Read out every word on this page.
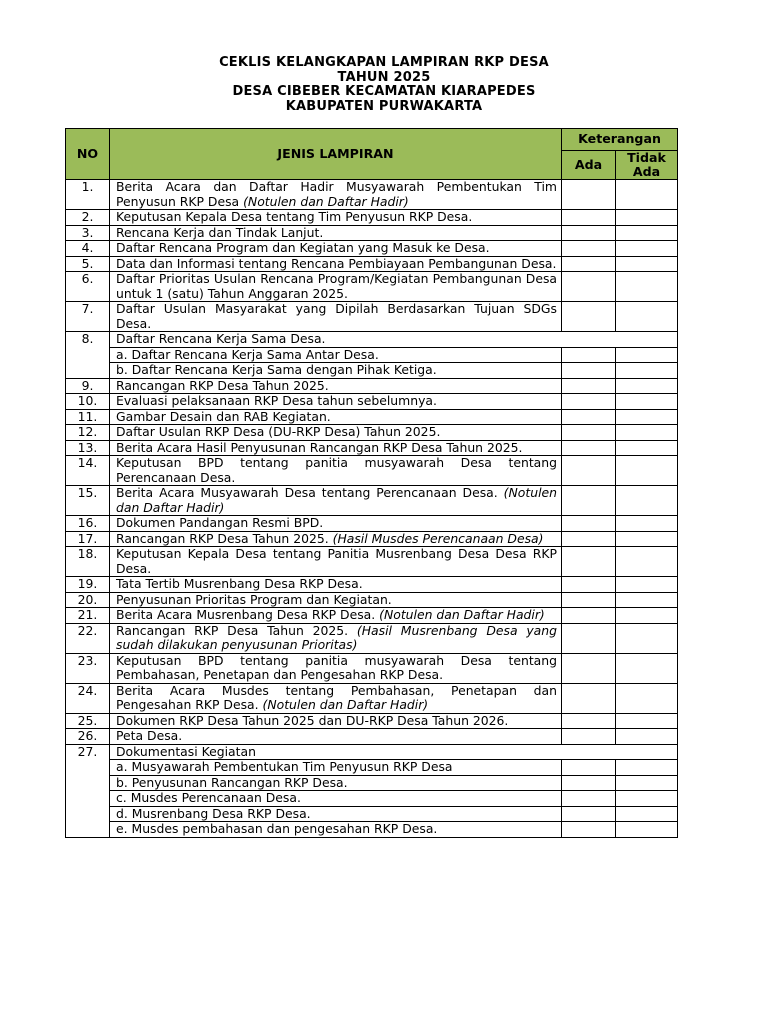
CEKLIS KELANGKAPAN LAMPIRAN RKP DESA
TAHUN 2025
DESA CIBEBER KECAMATAN KIARAPEDES
KABUPATEN PURWAKARTA
NO	JENIS LAMPIRAN	Keterangan	
		Ada	Tidak Ada

1.	Berita Acara dan Daftar Hadir Musyawarah Pembentukan Tim Penyusun RKP Desa (Notulen dan Daftar Hadir)		
2.	Keputusan Kepala Desa tentang Tim Penyusun RKP Desa.		
3.	Rencana Kerja dan Tindak Lanjut.		
4.	Daftar Rencana Program dan Kegiatan yang Masuk ke Desa.		
5.	Data dan Informasi tentang Rencana Pembiayaan Pembangunan Desa.		
6.	Daftar Prioritas Usulan Rencana Program/Kegiatan Pembangunan Desa untuk 1 (satu) Tahun Anggaran 2025.		
7.	Daftar Usulan Masyarakat yang Dipilah Berdasarkan Tujuan SDGs Desa.		
8.	Daftar Rencana Kerja Sama Desa.		
	a. Daftar Rencana Kerja Sama Antar Desa.		
	b. Daftar Rencana Kerja Sama dengan Pihak Ketiga.		
9.	Rancangan RKP Desa Tahun 2025.		
10.	Evaluasi pelaksanaan RKP Desa tahun sebelumnya.		
11.	Gambar Desain dan RAB Kegiatan.		
12.	Daftar Usulan RKP Desa (DU-RKP Desa) Tahun 2025.		
13.	Berita Acara Hasil Penyusunan Rancangan RKP Desa Tahun 2025.		
14.	Keputusan BPD tentang panitia musyawarah Desa tentang Perencanaan Desa.		
15.	Berita Acara Musyawarah Desa tentang Perencanaan Desa. (Notulen dan Daftar Hadir)		
16.	Dokumen Pandangan Resmi BPD.		
17.	Rancangan RKP Desa Tahun 2025. (Hasil Musdes Perencanaan Desa)		
18.	Keputusan Kepala Desa tentang Panitia Musrenbang Desa Desa RKP Desa.		
19.	Tata Tertib Musrenbang Desa RKP Desa.		
20.	Penyusunan Prioritas Program dan Kegiatan.		
21.	Berita Acara Musrenbang Desa RKP Desa. (Notulen dan Daftar Hadir)		
22.	Rancangan RKP Desa Tahun 2025. (Hasil Musrenbang Desa yang sudah dilakukan penyusunan Prioritas)		
23.	Keputusan BPD tentang panitia musyawarah Desa tentang Pembahasan, Penetapan dan Pengesahan RKP Desa.		
24.	Berita Acara Musdes tentang Pembahasan, Penetapan dan Pengesahan RKP Desa. (Notulen dan Daftar Hadir)		
25.	Dokumen RKP Desa Tahun 2025 dan DU-RKP Desa Tahun 2026.		
26.	Peta Desa.		
27.	Dokumentasi Kegiatan		
	a. Musyawarah Pembentukan Tim Penyusun RKP Desa		
	b. Penyusunan Rancangan RKP Desa.		
	c. Musdes Perencanaan Desa.		
	d. Musrenbang Desa RKP Desa.		
	e. Musdes pembahasan dan pengesahan RKP Desa.		
